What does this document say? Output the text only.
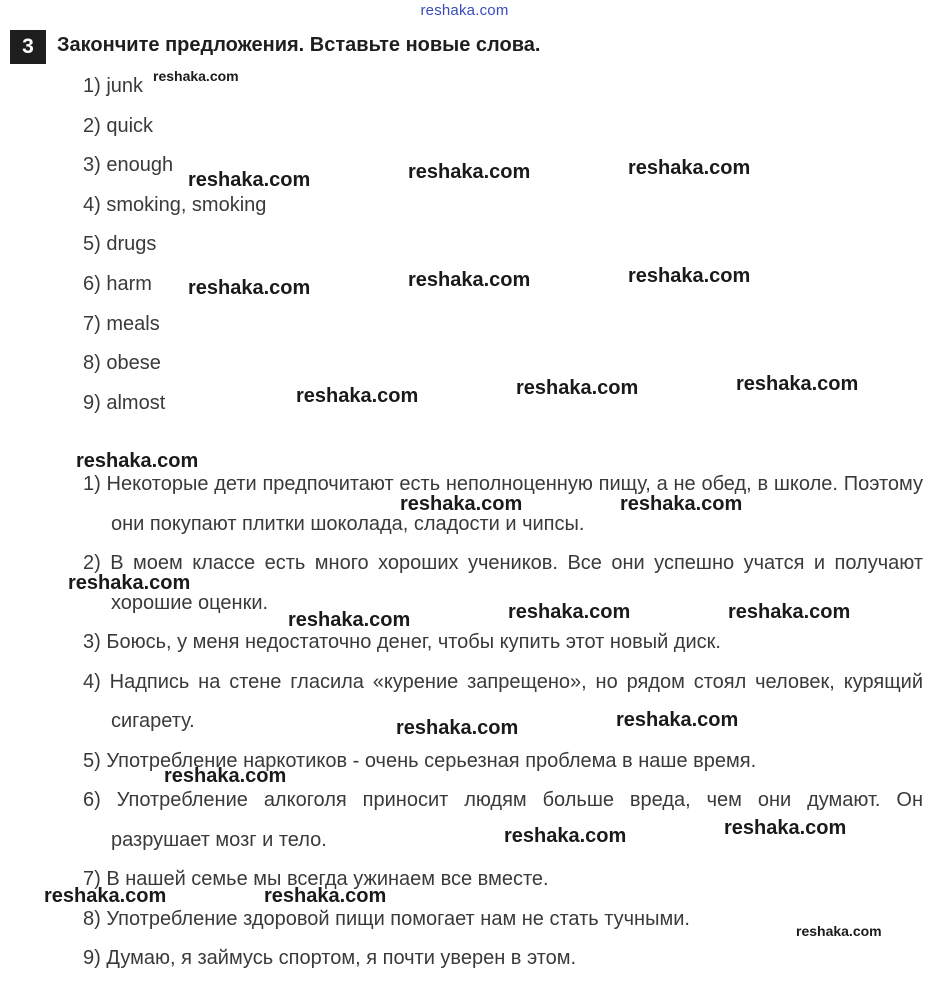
reshaka.com
3	Закончите предложения. Вставьте новые слова.
1) junk
2) quick
3) enough
4) smoking, smoking
5) drugs
6) harm
7) meals
8) obese
9) almost
1) Некоторые дети предпочитают есть неполноценную пищу, а не обед, в школе. Поэтому они покупают плитки шоколада, сладости и чипсы.
2) В моем классе есть много хороших учеников. Все они успешно учатся и получают хорошие оценки.
3) Боюсь, у меня недостаточно денег, чтобы купить этот новый диск.
4) Надпись на стене гласила «курение запрещено», но рядом стоял человек, курящий сигарету.
5) Употребление наркотиков - очень серьезная проблема в наше время.
6) Употребление алкоголя приносит людям больше вреда, чем они думают. Он разрушает мозг и тело.
7) В нашей семье мы всегда ужинаем все вместе.
8) Употребление здоровой пищи помогает нам не стать тучными.
9) Думаю, я займусь спортом, я почти уверен в этом.
reshaka.com
reshaka.com	reshaka.com	reshaka.com
reshaka.com	reshaka.com	reshaka.com
reshaka.com	reshaka.com	reshaka.com
reshaka.com
reshaka.com	reshaka.com
reshaka.com
reshaka.com	reshaka.com	reshaka.com
reshaka.com	reshaka.com
reshaka.com
reshaka.com	reshaka.com
reshaka.com	reshaka.com
reshaka.com
